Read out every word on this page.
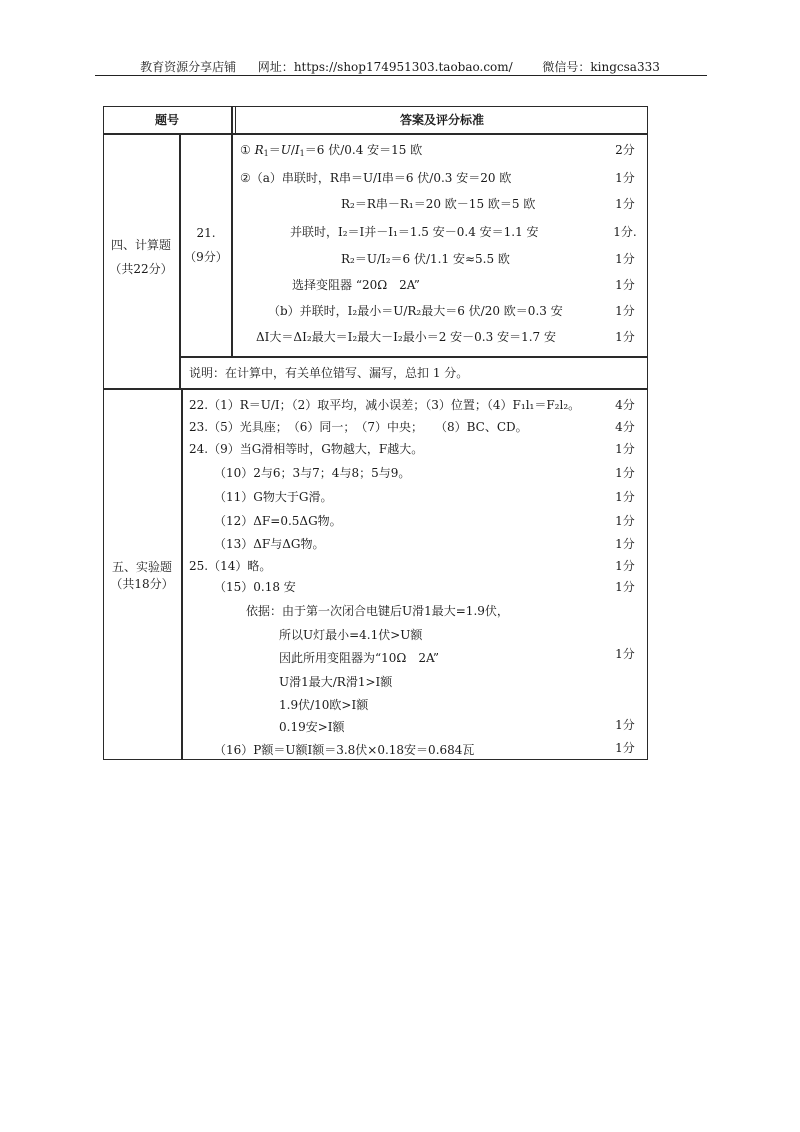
教育资源分享店铺 网址：https://shop174951303.taobao.com/ 微信号：kingcsa333
题号	答案及评分标准
四、计算题
（共22分）
21.
（9分）
① $R_1=U/I_1=6$ 伏/0.4 安＝15 欧	2分
②（a）串联时，R串＝U/I串＝6 伏/0.3 安＝20 欧	1分
R₂＝R串－R₁＝20 欧－15 欧＝5 欧	1分
并联时，I₂＝I并－I₁＝1.5 安－0.4 安＝1.1 安	1分.
R₂＝U/I₂＝6 伏/1.1 安≈5.5 欧	1分
选择变阻器 “20Ω　2A”	1分
（b）并联时，I₂最小＝U/R₂最大＝6 伏/20 欧＝0.3 安	1分
ΔI大＝ΔI₂最大＝I₂最大－I₂最小＝2 安－0.3 安＝1.7 安	1分
说明：在计算中，有关单位错写、漏写，总扣 1 分。
五、实验题
（共18分）
22.（1）R＝U/I；（2）取平均，减小误差；（3）位置；（4）F₁l₁＝F₂l₂。	4分
23.（5）光具座；　（6）同一；　（7）中央；　　（8）BC、CD。	4分
24.（9）当G滑相等时，G物越大，F越大。	1分
（10）2与6；3与7；4与8；5与9。	1分
（11）G物大于G滑。	1分
（12）ΔF=0.5ΔG物。	1分
（13）ΔF与ΔG物。	1分
25.（14）略。	1分
（15）0.18 安	1分
依据：由于第一次闭合电键后U滑1最大=1.9伏，
所以U灯最小=4.1伏>U额
因此所用变阻器为“10Ω　2A”	1分
U滑1最大/R滑1>I额
1.9伏/10欧>I额
0.19安>I额	1分
（16）P额＝U额I额＝3.8伏×0.18安＝0.684瓦	1分
